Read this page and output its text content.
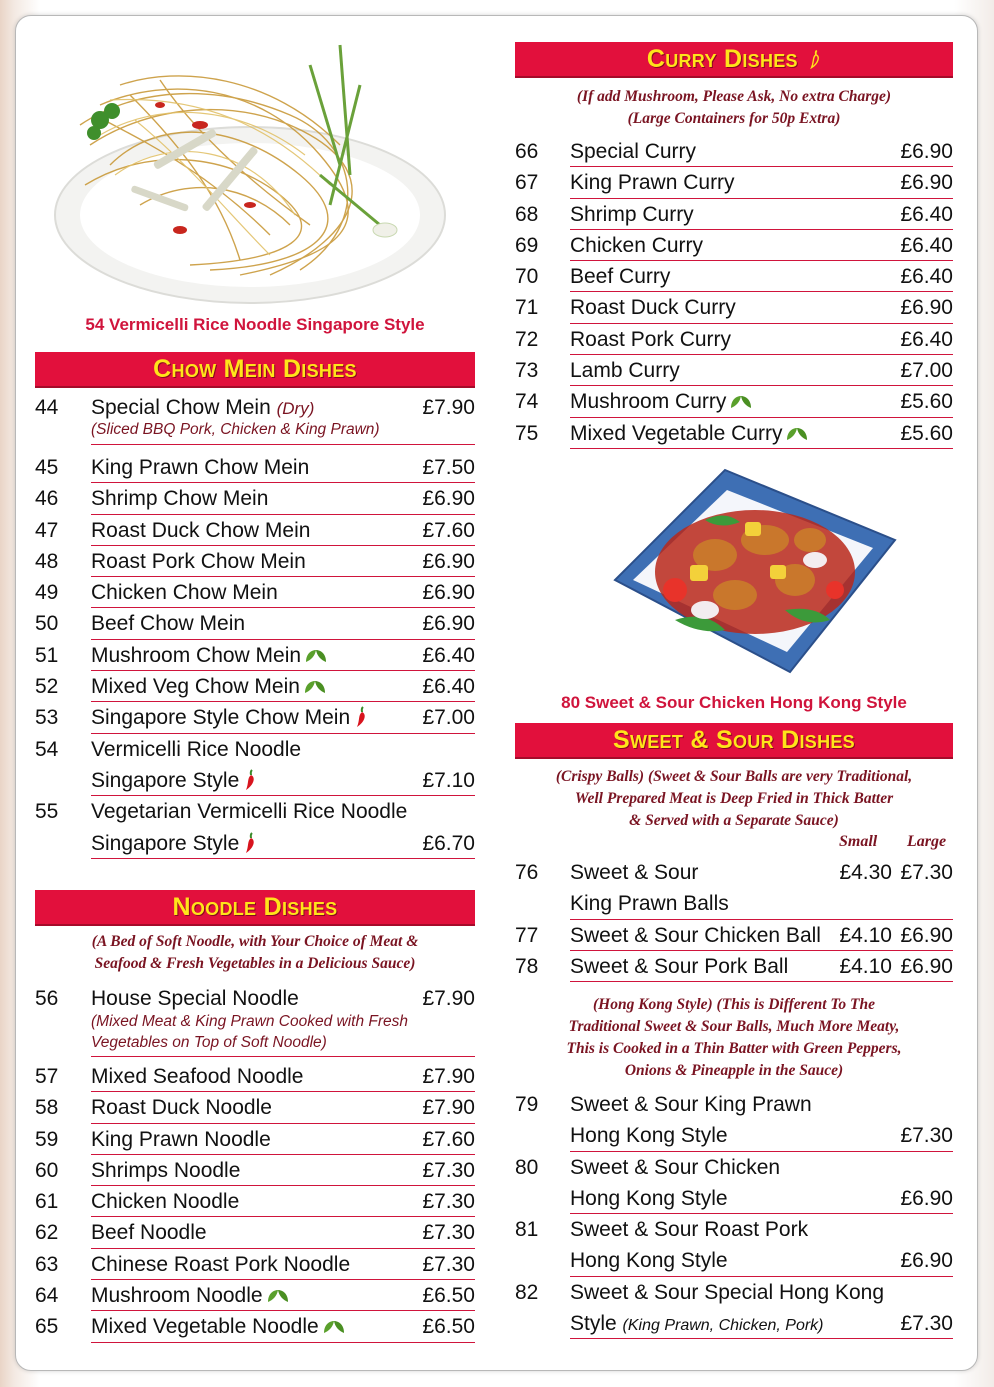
54 Vermicelli Rice Noodle Singapore Style
Chow Mein Dishes
44 Special Chow Mein (Dry)
(Sliced BBQ Pork, Chicken & King Prawn)
£7.90
45 King Prawn Chow Mein	£7.50
46 Shrimp Chow Mein	£6.90
47 Roast Duck Chow Mein	£7.60
48 Roast Pork Chow Mein	£6.90
49 Chicken Chow Mein	£6.90
50 Beef Chow Mein	£6.90
51 Mushroom Chow Mein	£6.40
52 Mixed Veg Chow Mein	£6.40
53 Singapore Style Chow Mein	£7.00
54 Vermicelli Rice Noodle
Singapore Style	£7.10
55 Vegetarian Vermicelli Rice Noodle
Singapore Style	£6.70
Noodle Dishes
(A Bed of Soft Noodle, with Your Choice of Meat &
Seafood & Fresh Vegetables in a Delicious Sauce)
56 House Special Noodle
(Mixed Meat & King Prawn Cooked with Fresh
Vegetables on Top of Soft Noodle)
£7.90
57 Mixed Seafood Noodle	£7.90
58 Roast Duck Noodle	£7.90
59 King Prawn Noodle	£7.60
60 Shrimps Noodle	£7.30
61 Chicken Noodle	£7.30
62 Beef Noodle	£7.30
63 Chinese Roast Pork Noodle	£7.30
64 Mushroom Noodle	£6.50
65 Mixed Vegetable Noodle	£6.50
Curry Dishes
(If add Mushroom, Please Ask, No extra Charge)
(Large Containers for 50p Extra)
66 Special Curry	£6.90
67 King Prawn Curry	£6.90
68 Shrimp Curry	£6.40
69 Chicken Curry	£6.40
70 Beef Curry	£6.40
71 Roast Duck Curry	£6.90
72 Roast Pork Curry	£6.40
73 Lamb Curry	£7.00
74 Mushroom Curry	£5.60
75 Mixed Vegetable Curry	£5.60
80 Sweet & Sour Chicken Hong Kong Style
Sweet & Sour Dishes
(Crispy Balls) (Sweet & Sour Balls are very Traditional,
Well Prepared Meat is Deep Fried in Thick Batter
& Served with a Separate Sauce)
Small Large
76 Sweet & Sour	£4.30 £7.30
King Prawn Balls
77 Sweet & Sour Chicken Ball £4.10 £6.90
78 Sweet & Sour Pork Ball £4.10 £6.90
(Hong Kong Style) (This is Different To The
Traditional Sweet & Sour Balls, Much More Meaty,
This is Cooked in a Thin Batter with Green Peppers,
Onions & Pineapple in the Sauce)
79 Sweet & Sour King Prawn
Hong Kong Style	£7.30
80 Sweet & Sour Chicken
Hong Kong Style	£6.90
81 Sweet & Sour Roast Pork
Hong Kong Style	£6.90
82 Sweet & Sour Special Hong Kong
Style (King Prawn, Chicken, Pork)	£7.30
